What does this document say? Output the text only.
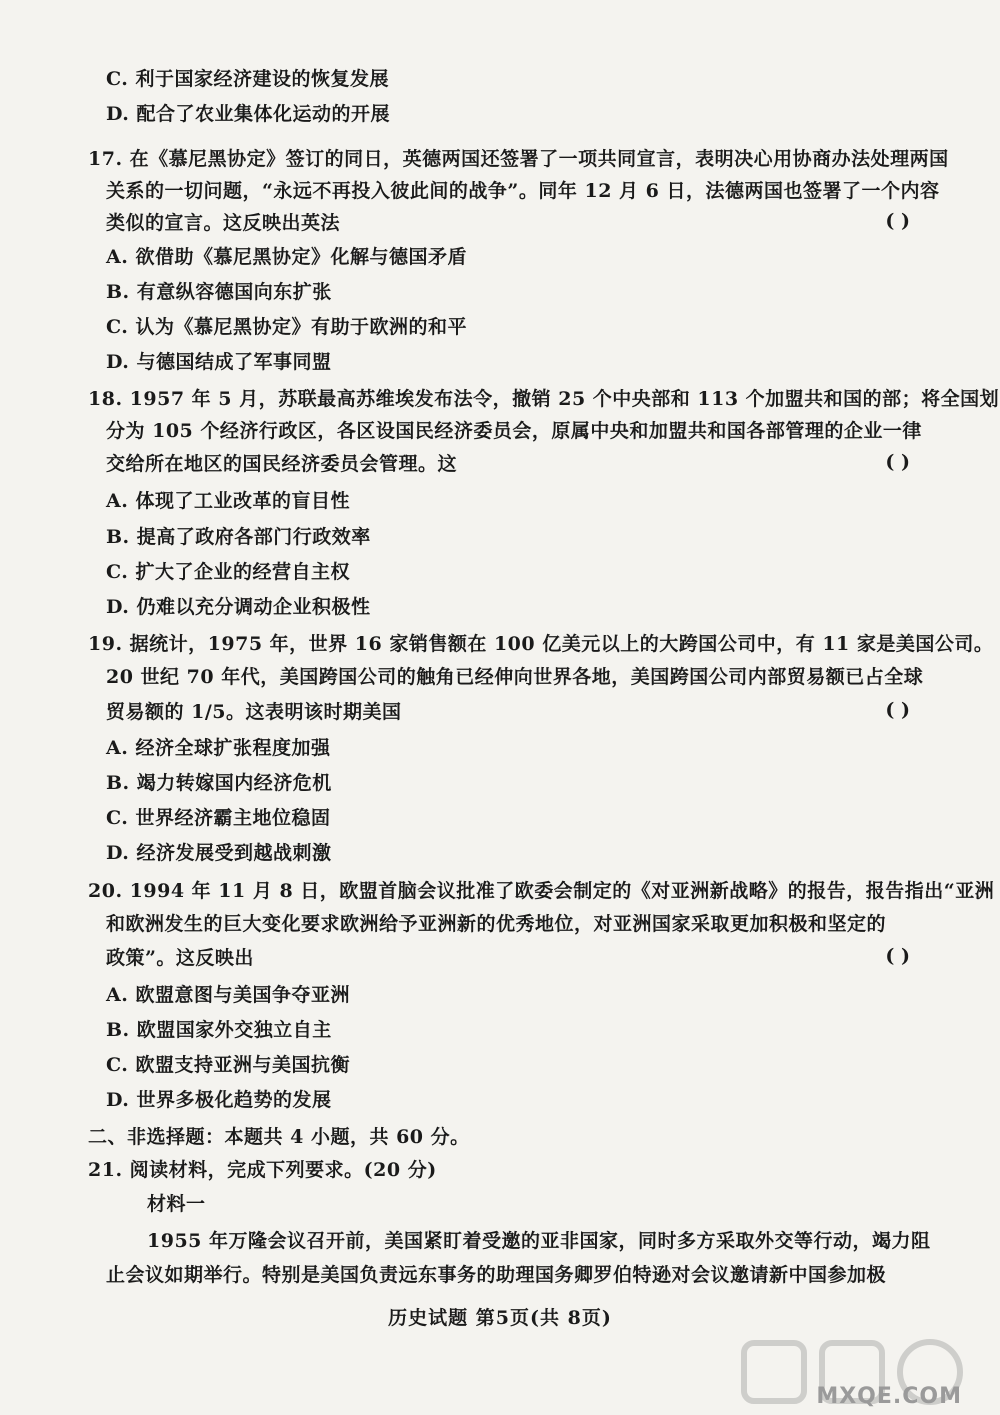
C. 利于国家经济建设的恢复发展
D. 配合了农业集体化运动的开展
17. 在《慕尼黑协定》签订的同日，英德两国还签署了一项共同宣言，表明决心用协商办法处理两国
关系的一切问题，“永远不再投入彼此间的战争”。同年 12 月 6 日，法德两国也签署了一个内容
类似的宣言。这反映出英法	( )
A. 欲借助《慕尼黑协定》化解与德国矛盾
B. 有意纵容德国向东扩张
C. 认为《慕尼黑协定》有助于欧洲的和平
D. 与德国结成了军事同盟
18. 1957 年 5 月，苏联最高苏维埃发布法令，撤销 25 个中央部和 113 个加盟共和国的部；将全国划
分为 105 个经济行政区，各区设国民经济委员会，原属中央和加盟共和国各部管理的企业一律
交给所在地区的国民经济委员会管理。这	( )
A. 体现了工业改革的盲目性
B. 提高了政府各部门行政效率
C. 扩大了企业的经营自主权
D. 仍难以充分调动企业积极性
19. 据统计，1975 年，世界 16 家销售额在 100 亿美元以上的大跨国公司中，有 11 家是美国公司。
20 世纪 70 年代，美国跨国公司的触角已经伸向世界各地，美国跨国公司内部贸易额已占全球
贸易额的 1/5。这表明该时期美国	( )
A. 经济全球扩张程度加强
B. 竭力转嫁国内经济危机
C. 世界经济霸主地位稳固
D. 经济发展受到越战刺激
20. 1994 年 11 月 8 日，欧盟首脑会议批准了欧委会制定的《对亚洲新战略》的报告，报告指出“亚洲
和欧洲发生的巨大变化要求欧洲给予亚洲新的优秀地位，对亚洲国家采取更加积极和坚定的
政策”。这反映出	( )
A. 欧盟意图与美国争夺亚洲
B. 欧盟国家外交独立自主
C. 欧盟支持亚洲与美国抗衡
D. 世界多极化趋势的发展
二、非选择题：本题共 4 小题，共 60 分。
21. 阅读材料，完成下列要求。(20 分)
材料一
1955 年万隆会议召开前，美国紧盯着受邀的亚非国家，同时多方采取外交等行动，竭力阻
止会议如期举行。特别是美国负责远东事务的助理国务卿罗伯特逊对会议邀请新中国参加极
历史试题 第5页(共 8页)
MXQE.COM
